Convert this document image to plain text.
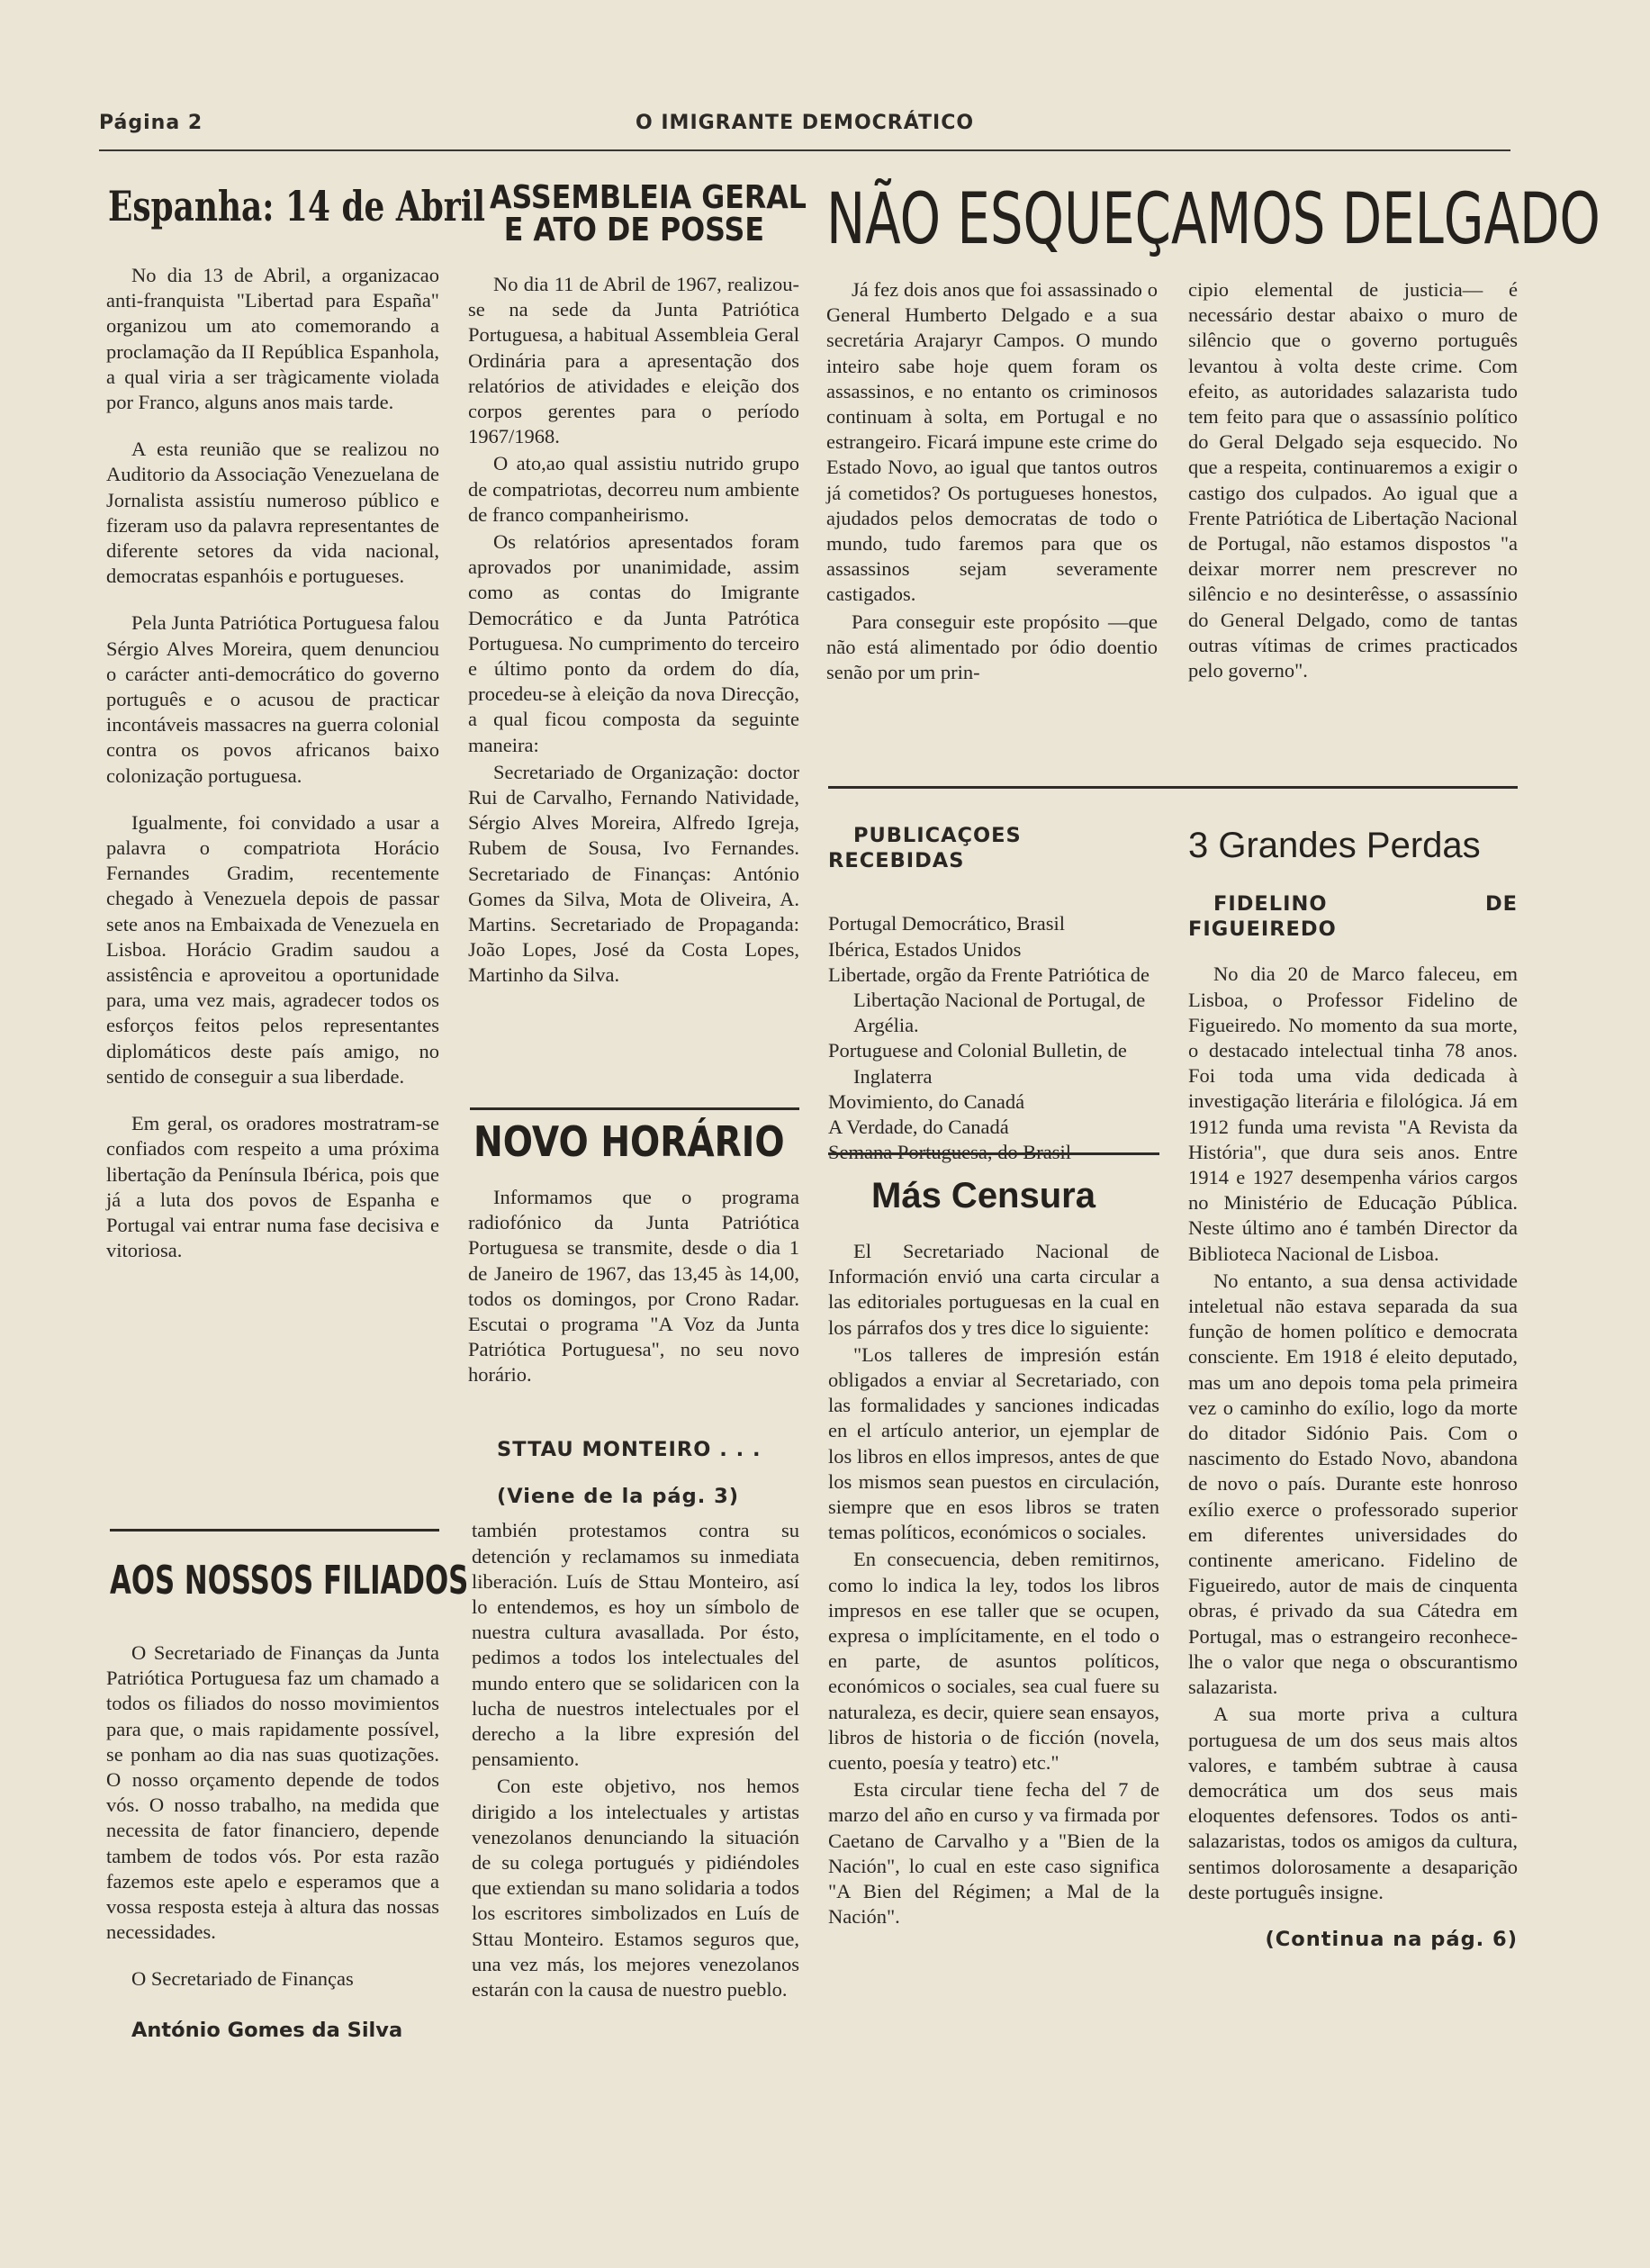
Página 2	O IMIGRANTE DEMOCRÁTICO
Espanha: 14 de Abril

No dia 13 de Abril, a organizacao anti-franquista "Libertad para España" organizou um ato comemorando a proclamação da II República Espanhola, a qual viria a ser tràgicamente violada por Franco, alguns anos mais tarde.

A esta reunião que se realizou no Auditorio da Associação Venezuelana de Jornalista assistíu numeroso público e fizeram uso da palavra representantes de diferente setores da vida nacional, democratas espanhóis e portugueses.

Pela Junta Patriótica Portuguesa falou Sérgio Alves Moreira, quem denunciou o carácter anti-democrático do governo português e o acusou de practicar incontáveis massacres na guerra colonial contra os povos africanos baixo colonização portuguesa.

Igualmente, foi convidado a usar a palavra o compatriota Horácio Fernandes Gradim, recentemente chegado à Venezuela depois de passar sete anos na Embaixada de Venezuela en Lisboa. Horácio Gradim saudou a assistência e aproveitou a oportunidade para, uma vez mais, agradecer todos os esforços feitos pelos representantes diplomáticos deste país amigo, no sentido de conseguir a sua liberdade.

Em geral, os oradores mostratram-se confiados com respeito a uma próxima libertação da Península Ibérica, pois que já a luta dos povos de Espanha e Portugal vai entrar numa fase decisiva e vitoriosa.

AOS NOSSOS FILIADOS

O Secretariado de Finanças da Junta Patriótica Portuguesa faz um chamado a todos os filiados do nosso movimientos para que, o mais rapidamente possível, se ponham ao dia nas suas quotizações. O nosso orçamento depende de todos vós. O nosso trabalho, na medida que necessita de fator financiero, depende tambem de todos vós. Por esta razão fazemos este apelo e esperamos que a vossa resposta esteja à altura das nossas necessidades.

O Secretariado de Finanças

António Gomes da Silva

ASSEMBLEIA GERAL
E ATO DE POSSE

No dia 11 de Abril de 1967, realizou-se na sede da Junta Patriótica Portuguesa, a habitual Assembleia Geral Ordinária para a apresentação dos relatórios de atividades e eleição dos corpos gerentes para o período 1967/1968.

O ato,ao qual assistiu nutrido grupo de compatriotas, decorreu num ambiente de franco companheirismo.

Os relatórios apresentados foram aprovados por unanimidade, assim como as contas do Imigrante Democrático e da Junta Patrótica Portuguesa. No cumprimento do terceiro e último ponto da ordem do día, procedeu-se à eleição da nova Direcção, a qual ficou composta da seguinte maneira:

Secretariado de Organização: doctor Rui de Carvalho, Fernando Natividade, Sérgio Alves Moreira, Alfredo Igreja, Rubem de Sousa, Ivo Fernandes. Secretariado de Finanças: António Gomes da Silva, Mota de Oliveira, A. Martins. Secretariado de Propaganda: João Lopes, José da Costa Lopes, Martinho da Silva.

NOVO HORÁRIO

Informamos que o programa radiofónico da Junta Patriótica Portuguesa se transmite, desde o dia 1 de Janeiro de 1967, das 13,45 às 14,00, todos os domingos, por Crono Radar. Escutai o programa "A Voz da Junta Patriótica Portuguesa", no seu novo horário.

STTAU MONTEIRO . . .

(Viene de la pág. 3)

también protestamos contra su detención y reclamamos su inmediata liberación. Luís de Sttau Monteiro, así lo entendemos, es hoy un símbolo de nuestra cultura avasallada. Por ésto, pedimos a todos los intelectuales del mundo entero que se solidaricen con la lucha de nuestros intelectuales por el derecho a la libre expresión del pensamiento.

Con este objetivo, nos hemos dirigido a los intelectuales y artistas venezolanos denunciando la situación de su colega portugués y pidiéndoles que extiendan su mano solidaria a todos los escritores simbolizados en Luís de Sttau Monteiro. Estamos seguros que, una vez más, los mejores venezolanos estarán con la causa de nuestro pueblo.

NÃO ESQUEÇAMOS DELGADO

Já fez dois anos que foi assassinado o General Humberto Delgado e a sua secretária Arajaryr Campos. O mundo inteiro sabe hoje quem foram os assassinos, e no entanto os criminosos continuam à solta, em Portugal e no estrangeiro. Ficará impune este crime do Estado Novo, ao igual que tantos outros já cometidos? Os portugueses honestos, ajudados pelos democratas de todo o mundo, tudo faremos para que os assassinos sejam severamente castigados.

Para conseguir este propósito —que não está alimentado por ódio doentio senão por um prin-

cipio elemental de justicia— é necessário destar abaixo o muro de silêncio que o governo português levantou à volta deste crime. Com efeito, as autoridades salazarista tudo tem feito para que o assassínio político do Geral Delgado seja esquecido. No que a respeita, continuaremos a exigir o castigo dos culpados. Ao igual que a Frente Patriótica de Libertação Nacional de Portugal, não estamos dispostos "a deixar morrer nem prescrever no silêncio e no desinterêsse, o assassínio do General Delgado, como de tantas outras vítimas de crimes practicados pelo governo".

PUBLICAÇOES RECEBIDAS

Portugal Democrático, Brasil
Ibérica, Estados Unidos
Libertade, orgão da Frente Patriótica de Libertação Nacional de Portugal, de Argélia.
Portuguese and Colonial Bulletin, de Inglaterra
Movimiento, do Canadá
A Verdade, do Canadá
Más Censura

El Secretariado Nacional de Información envió una carta circular a las editoriales portuguesas en la cual en los párrafos dos y tres dice lo siguiente:

"Los talleres de impresión están obligados a enviar al Secretariado, con las formalidades y sanciones indicadas en el artículo anterior, un ejemplar de los libros en ellos impresos, antes de que los mismos sean puestos en circulación, siempre que en esos libros se traten temas políticos, económicos o sociales.

En consecuencia, deben remitirnos, como lo indica la ley, todos los libros impresos en ese taller que se ocupen, expresa o implícitamente, en el todo o en parte, de asuntos políticos, económicos o sociales, sea cual fuere su naturaleza, es decir, quiere sean ensayos, libros de historia o de ficción (novela, cuento, poesía y teatro) etc."

Esta circular tiene fecha del 7 de marzo del año en curso y va firmada por Caetano de Carvalho y a "Bien de la Nación", lo cual en este caso significa "A Bien del Régimen; a Mal de la Nación".

3 Grandes Perdas

FIDELINO DE FIGUEIREDO

No dia 20 de Marco faleceu, em Lisboa, o Professor Fidelino de Figueiredo. No momento da sua morte, o destacado intelectual tinha 78 anos. Foi toda uma vida dedicada à investigação literária e filológica. Já em 1912 funda uma revista "A Revista da História", que dura seis anos. Entre 1914 e 1927 desempenha vários cargos no Ministério de Educação Pública. Neste último ano é tambén Director da Biblioteca Nacional de Lisboa.

No entanto, a sua densa actividade inteletual não estava separada da sua função de homen político e democrata consciente. Em 1918 é eleito deputado, mas um ano depois toma pela primeira vez o caminho do exílio, logo da morte do ditador Sidónio Pais. Com o nascimento do Estado Novo, abandona de novo o país. Durante este honroso exílio exerce o professorado superior em diferentes universidades do continente americano. Fidelino de Figueiredo, autor de mais de cinquenta obras, é privado da sua Cátedra em Portugal, mas o estrangeiro reconhece-lhe o valor que nega o obscurantismo salazarista.

A sua morte priva a cultura portuguesa de um dos seus mais altos valores, e também subtrae à causa democrática um dos seus mais eloquentes defensores. Todos os anti-salazaristas, todos os amigos da cultura, sentimos dolorosamente a desaparição deste português insigne.

(Continua na pág. 6)
